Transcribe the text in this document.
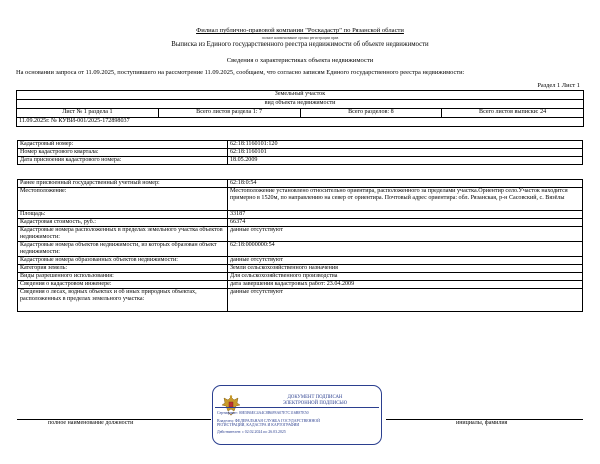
Филиал публично-правовой компании "Роскадастр" по Рязанской области
полное наименование органа регистрации прав
Выписка из Единого государственного реестра недвижимости об объекте недвижимости
Сведения о характеристиках объекта недвижимости
На основании запроса от 11.09.2025, поступившего на рассмотрение 11.09.2025, сообщаем, что согласно записям Единого государственного реестра недвижимости:
Раздел 1 Лист 1
Земельный участок
вид объекта недвижимости
Лист № 1 раздела 1	Всего листов раздела 1: 7	Всего разделов: 8	Всего листов выписки: 24
11.09.2025г. № КУВИ-001/2025-172898037
Кадастровый номер:	62:18:1160101:120
Номер кадастрового квартала:	62:18:1160101
Дата присвоения кадастрового номера:	18.05.2009
Ранее присвоенный государственный учетный номер:	62:18:0:54
Местоположение:	Местоположение установлено относительно ориентира, расположенного за пределами участка.Ориентир село.Участок находится примерно в 1520м, по направлению на север от ориентира. Почтовый адрес ориентира: обл. Рязанская, р-н Сасовский, с. Вязёлы
Площадь:	33187
Кадастровая стоимость, руб.:	66374
Кадастровые номера расположенных в пределах земельного участка объектов недвижимости:	данные отсутствуют
Кадастровые номера объектов недвижимости, из которых образован объект недвижимости:	62:18:0000000:54
Кадастровые номера образованных объектов недвижимости:	данные отсутствуют
Категория земель:	Земли сельскохозяйственного назначения
Виды разрешенного использования:	Для сельскохозяйственного производства
Сведения о кадастровом инженере:	дата завершения кадастровых работ: 23.04.2009
Сведения о лесах, водных объектах и об иных природных объектах, расположенных в пределах земельного участка:	данные отсутствуют
полное наименование должности	инициалы, фамилия
ДОКУМЕНТ ПОДПИСАН
ЭЛЕКТРОННОЙ ПОДПИСЬЮ
Сертификат: 00E5B6EC4A4C8B6F8A07E7C116B87E50
Владелец: ФЕДЕРАЛЬНАЯ СЛУЖБА ГОСУДАРСТВЕННОЙ
РЕГИСТРАЦИИ, КАДАСТРА И КАРТОГРАФИИ
Действителен: с 02.02.2024 по 26.03.2025
